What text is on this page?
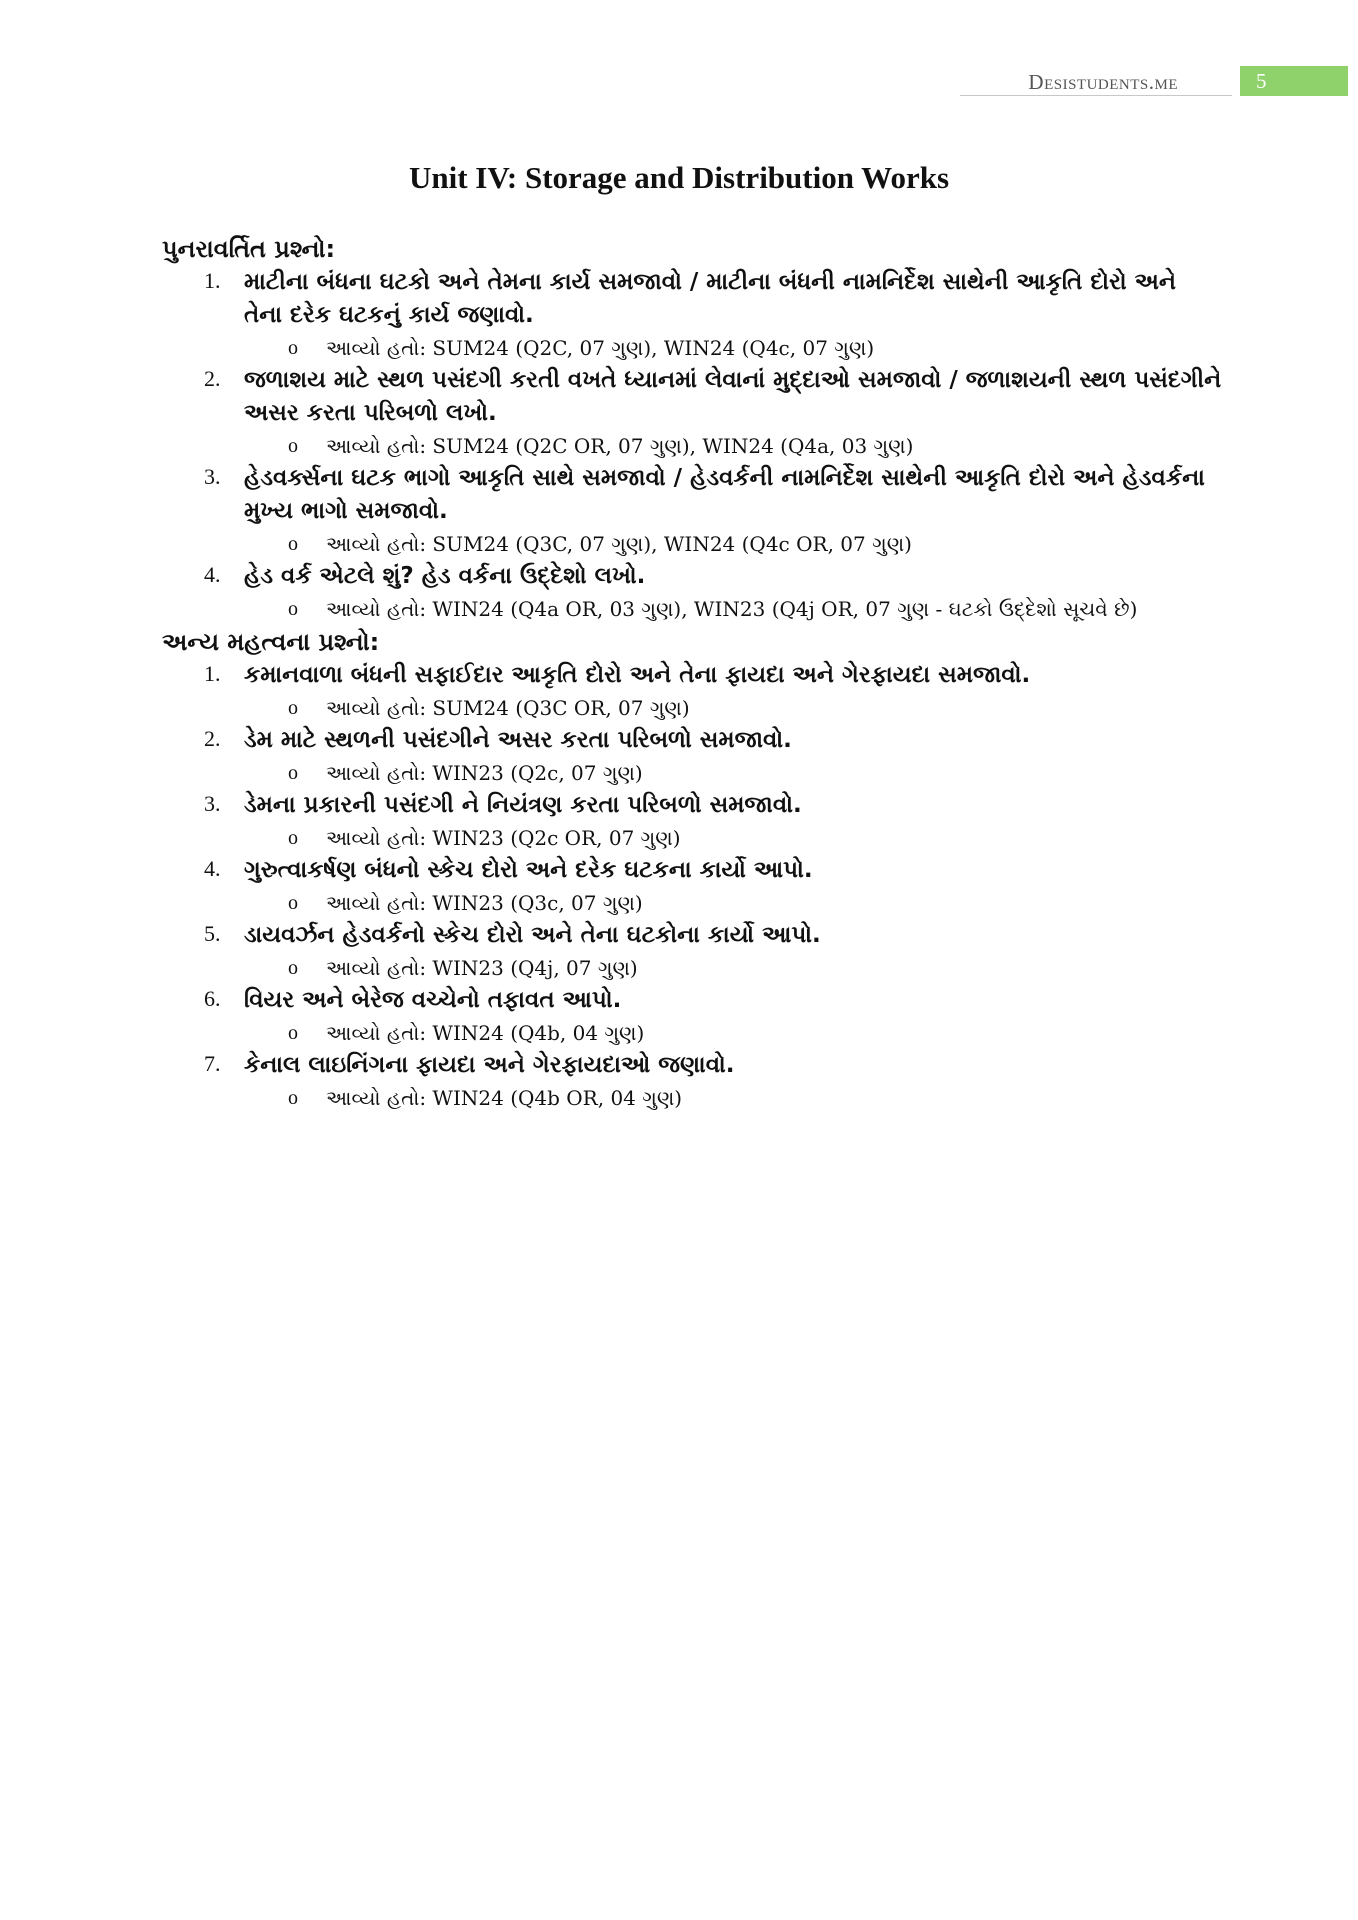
Desistudents.me	5
Unit IV: Storage and Distribution Works
પુનરાવર્તિત પ્રશ્નો:
1. માટીના બંધના ઘટકો અને તેમના કાર્ય સમજાવો / માટીના બંધની નામનિર્દેશ સાથેની આકૃતિ દોરો અને તેના દરેક ઘટકનું કાર્ય જણાવો.
o આવ્યો હતો: SUM24 (Q2C, 07 ગુણ), WIN24 (Q4c, 07 ગુણ)
2. જળાશય માટે સ્થળ પસંદગી કરતી વખતે ધ્યાનમાં લેવાનાં મુદ્દાઓ સમજાવો / જળાશયની સ્થળ પસંદગીને અસર કરતા પરિબળો લખો.
o આવ્યો હતો: SUM24 (Q2C OR, 07 ગુણ), WIN24 (Q4a, 03 ગુણ)
3. હેડવર્ક્સના ઘટક ભાગો આકૃતિ સાથે સમજાવો / હેડવર્કની નામનિર્દેશ સાથેની આકૃતિ દોરો અને હેડવર્કના મુખ્ય ભાગો સમજાવો.
o આવ્યો હતો: SUM24 (Q3C, 07 ગુણ), WIN24 (Q4c OR, 07 ગુણ)
4. હેડ વર્ક એટલે શું? હેડ વર્કના ઉદ્દેશો લખો.
o આવ્યો હતો: WIN24 (Q4a OR, 03 ગુણ), WIN23 (Q4j OR, 07 ગુણ - ઘટકો ઉદ્દેશો સૂચવે છે)
અન્ય મહત્વના પ્રશ્નો:
1. કમાનવાળા બંધની સફાઈદાર આકૃતિ દોરો અને તેના ફાયદા અને ગેરફાયદા સમજાવો.
o આવ્યો હતો: SUM24 (Q3C OR, 07 ગુણ)
2. ડેમ માટે સ્થળની પસંદગીને અસર કરતા પરિબળો સમજાવો.
o આવ્યો હતો: WIN23 (Q2c, 07 ગુણ)
3. ડેમના પ્રકારની પસંદગી ને નિયંત્રણ કરતા પરિબળો સમજાવો.
o આવ્યો હતો: WIN23 (Q2c OR, 07 ગુણ)
4. ગુરુત્વાકર્ષણ બંધનો સ્કેચ દોરો અને દરેક ઘટકના કાર્યો આપો.
o આવ્યો હતો: WIN23 (Q3c, 07 ગુણ)
5. ડાયવર્ઝન હેડવર્કનો સ્કેચ દોરો અને તેના ઘટકોના કાર્યો આપો.
o આવ્યો હતો: WIN23 (Q4j, 07 ગુણ)
6. વિયર અને બેરેજ વચ્ચેનો તફાવત આપો.
o આવ્યો હતો: WIN24 (Q4b, 04 ગુણ)
7. કેનાલ લાઇનિંગના ફાયદા અને ગેરફાયદાઓ જણાવો.
o આવ્યો હતો: WIN24 (Q4b OR, 04 ગુણ)
